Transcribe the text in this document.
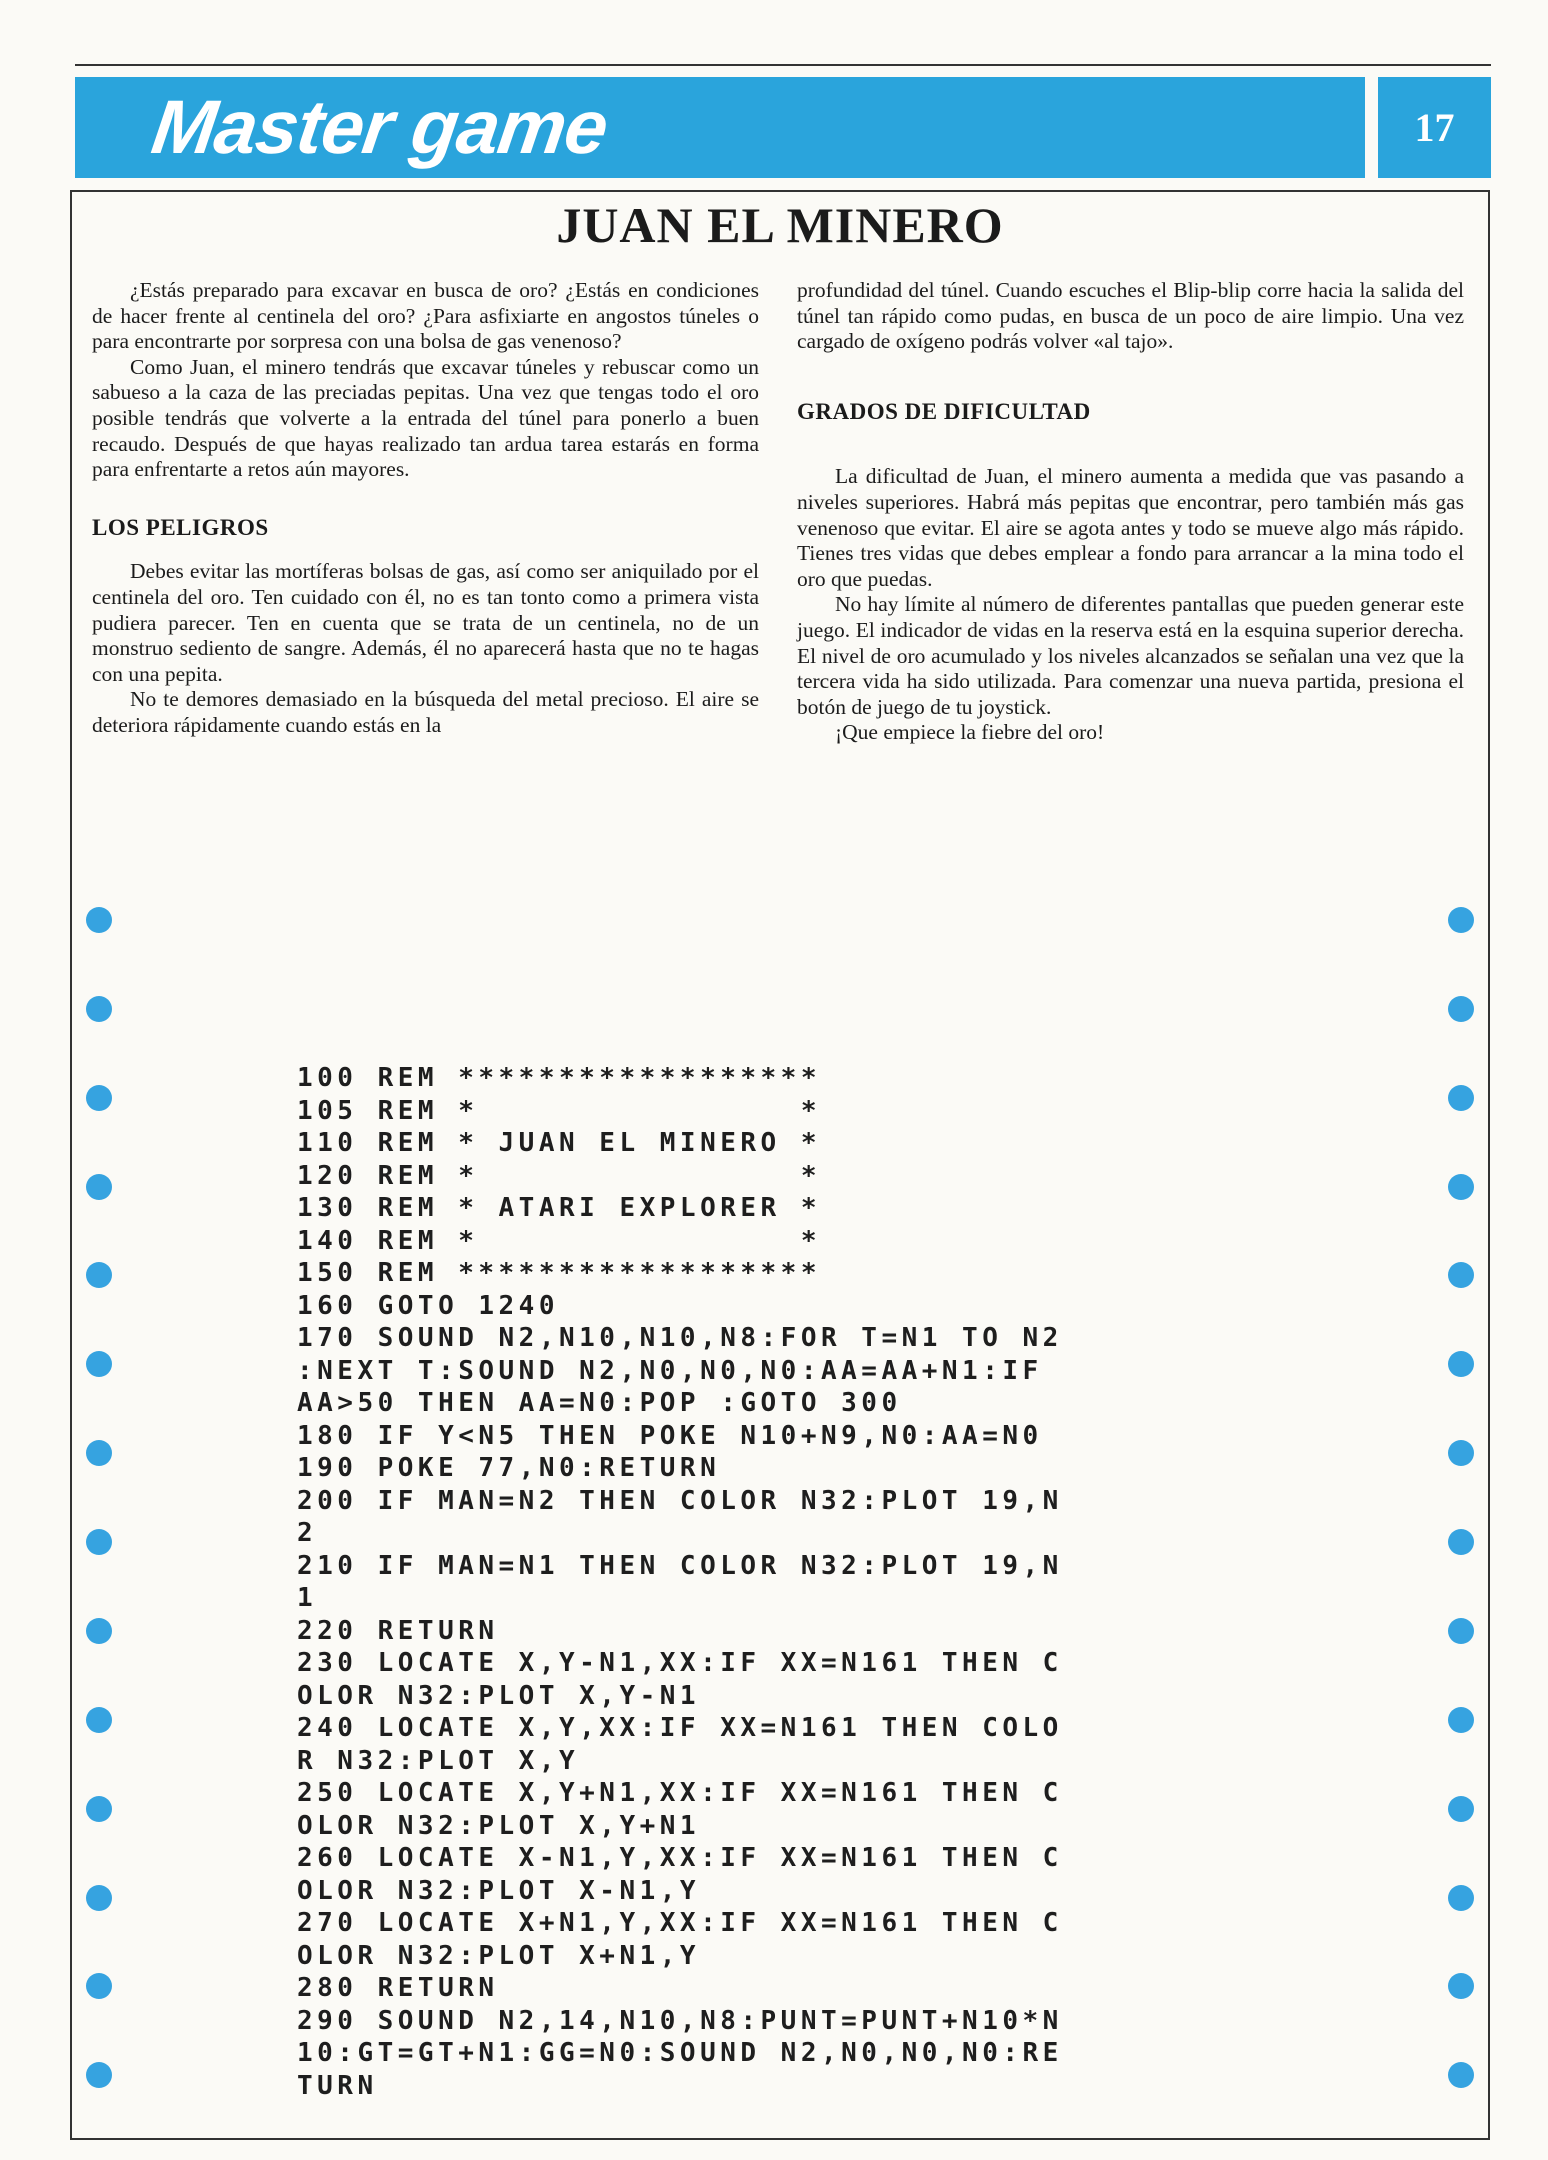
Master game	17
JUAN EL MINERO

¿Estás preparado para excavar en busca de oro? ¿Estás en condiciones de hacer frente al centinela del oro? ¿Para asfixiarte en angostos túneles o para encontrarte por sorpresa con una bolsa de gas venenoso?

Como Juan, el minero tendrás que excavar túneles y rebuscar como un sabueso a la caza de las preciadas pepitas. Una vez que tengas todo el oro posible tendrás que volverte a la entrada del túnel para ponerlo a buen recaudo. Después de que hayas realizado tan ardua tarea estarás en forma para enfrentarte a retos aún mayores.

LOS PELIGROS

Debes evitar las mortíferas bolsas de gas, así como ser aniquilado por el centinela del oro. Ten cuidado con él, no es tan tonto como a primera vista pudiera parecer. Ten en cuenta que se trata de un centinela, no de un monstruo sediento de sangre. Además, él no aparecerá hasta que no te hagas con una pepita.

No te demores demasiado en la búsqueda del metal precioso. El aire se deteriora rápidamente cuando estás en la

profundidad del túnel. Cuando escuches el Blip-blip corre hacia la salida del túnel tan rápido como pudas, en busca de un poco de aire limpio. Una vez cargado de oxígeno podrás volver «al tajo».

GRADOS DE DIFICULTAD

La dificultad de Juan, el minero aumenta a medida que vas pasando a niveles superiores. Habrá más pepitas que encontrar, pero también más gas venenoso que evitar. El aire se agota antes y todo se mueve algo más rápido. Tienes tres vidas que debes emplear a fondo para arrancar a la mina todo el oro que puedas.

No hay límite al número de diferentes pantallas que pueden generar este juego. El indicador de vidas en la reserva está en la esquina superior derecha. El nivel de oro acumulado y los niveles alcanzados se señalan una vez que la tercera vida ha sido utilizada. Para comenzar una nueva partida, presiona el botón de juego de tu joystick.

¡Que empiece la fiebre del oro!

100 REM ******************
105 REM *                *
110 REM * JUAN EL MINERO *
120 REM *                *
130 REM * ATARI EXPLORER *
140 REM *                *
150 REM ******************
160 GOTO 1240
170 SOUND N2,N10,N10,N8:FOR T=N1 TO N2
:NEXT T:SOUND N2,N0,N0,N0:AA=AA+N1:IF
AA>50 THEN AA=N0:POP :GOTO 300
180 IF Y<N5 THEN POKE N10+N9,N0:AA=N0
190 POKE 77,N0:RETURN
200 IF MAN=N2 THEN COLOR N32:PLOT 19,N
2
210 IF MAN=N1 THEN COLOR N32:PLOT 19,N
1
220 RETURN
230 LOCATE X,Y-N1,XX:IF XX=N161 THEN C
OLOR N32:PLOT X,Y-N1
240 LOCATE X,Y,XX:IF XX=N161 THEN COLO
R N32:PLOT X,Y
250 LOCATE X,Y+N1,XX:IF XX=N161 THEN C
OLOR N32:PLOT X,Y+N1
260 LOCATE X-N1,Y,XX:IF XX=N161 THEN C
OLOR N32:PLOT X-N1,Y
270 LOCATE X+N1,Y,XX:IF XX=N161 THEN C
OLOR N32:PLOT X+N1,Y
280 RETURN
290 SOUND N2,14,N10,N8:PUNT=PUNT+N10*N
10:GT=GT+N1:GG=N0:SOUND N2,N0,N0,N0:RE
TURN
